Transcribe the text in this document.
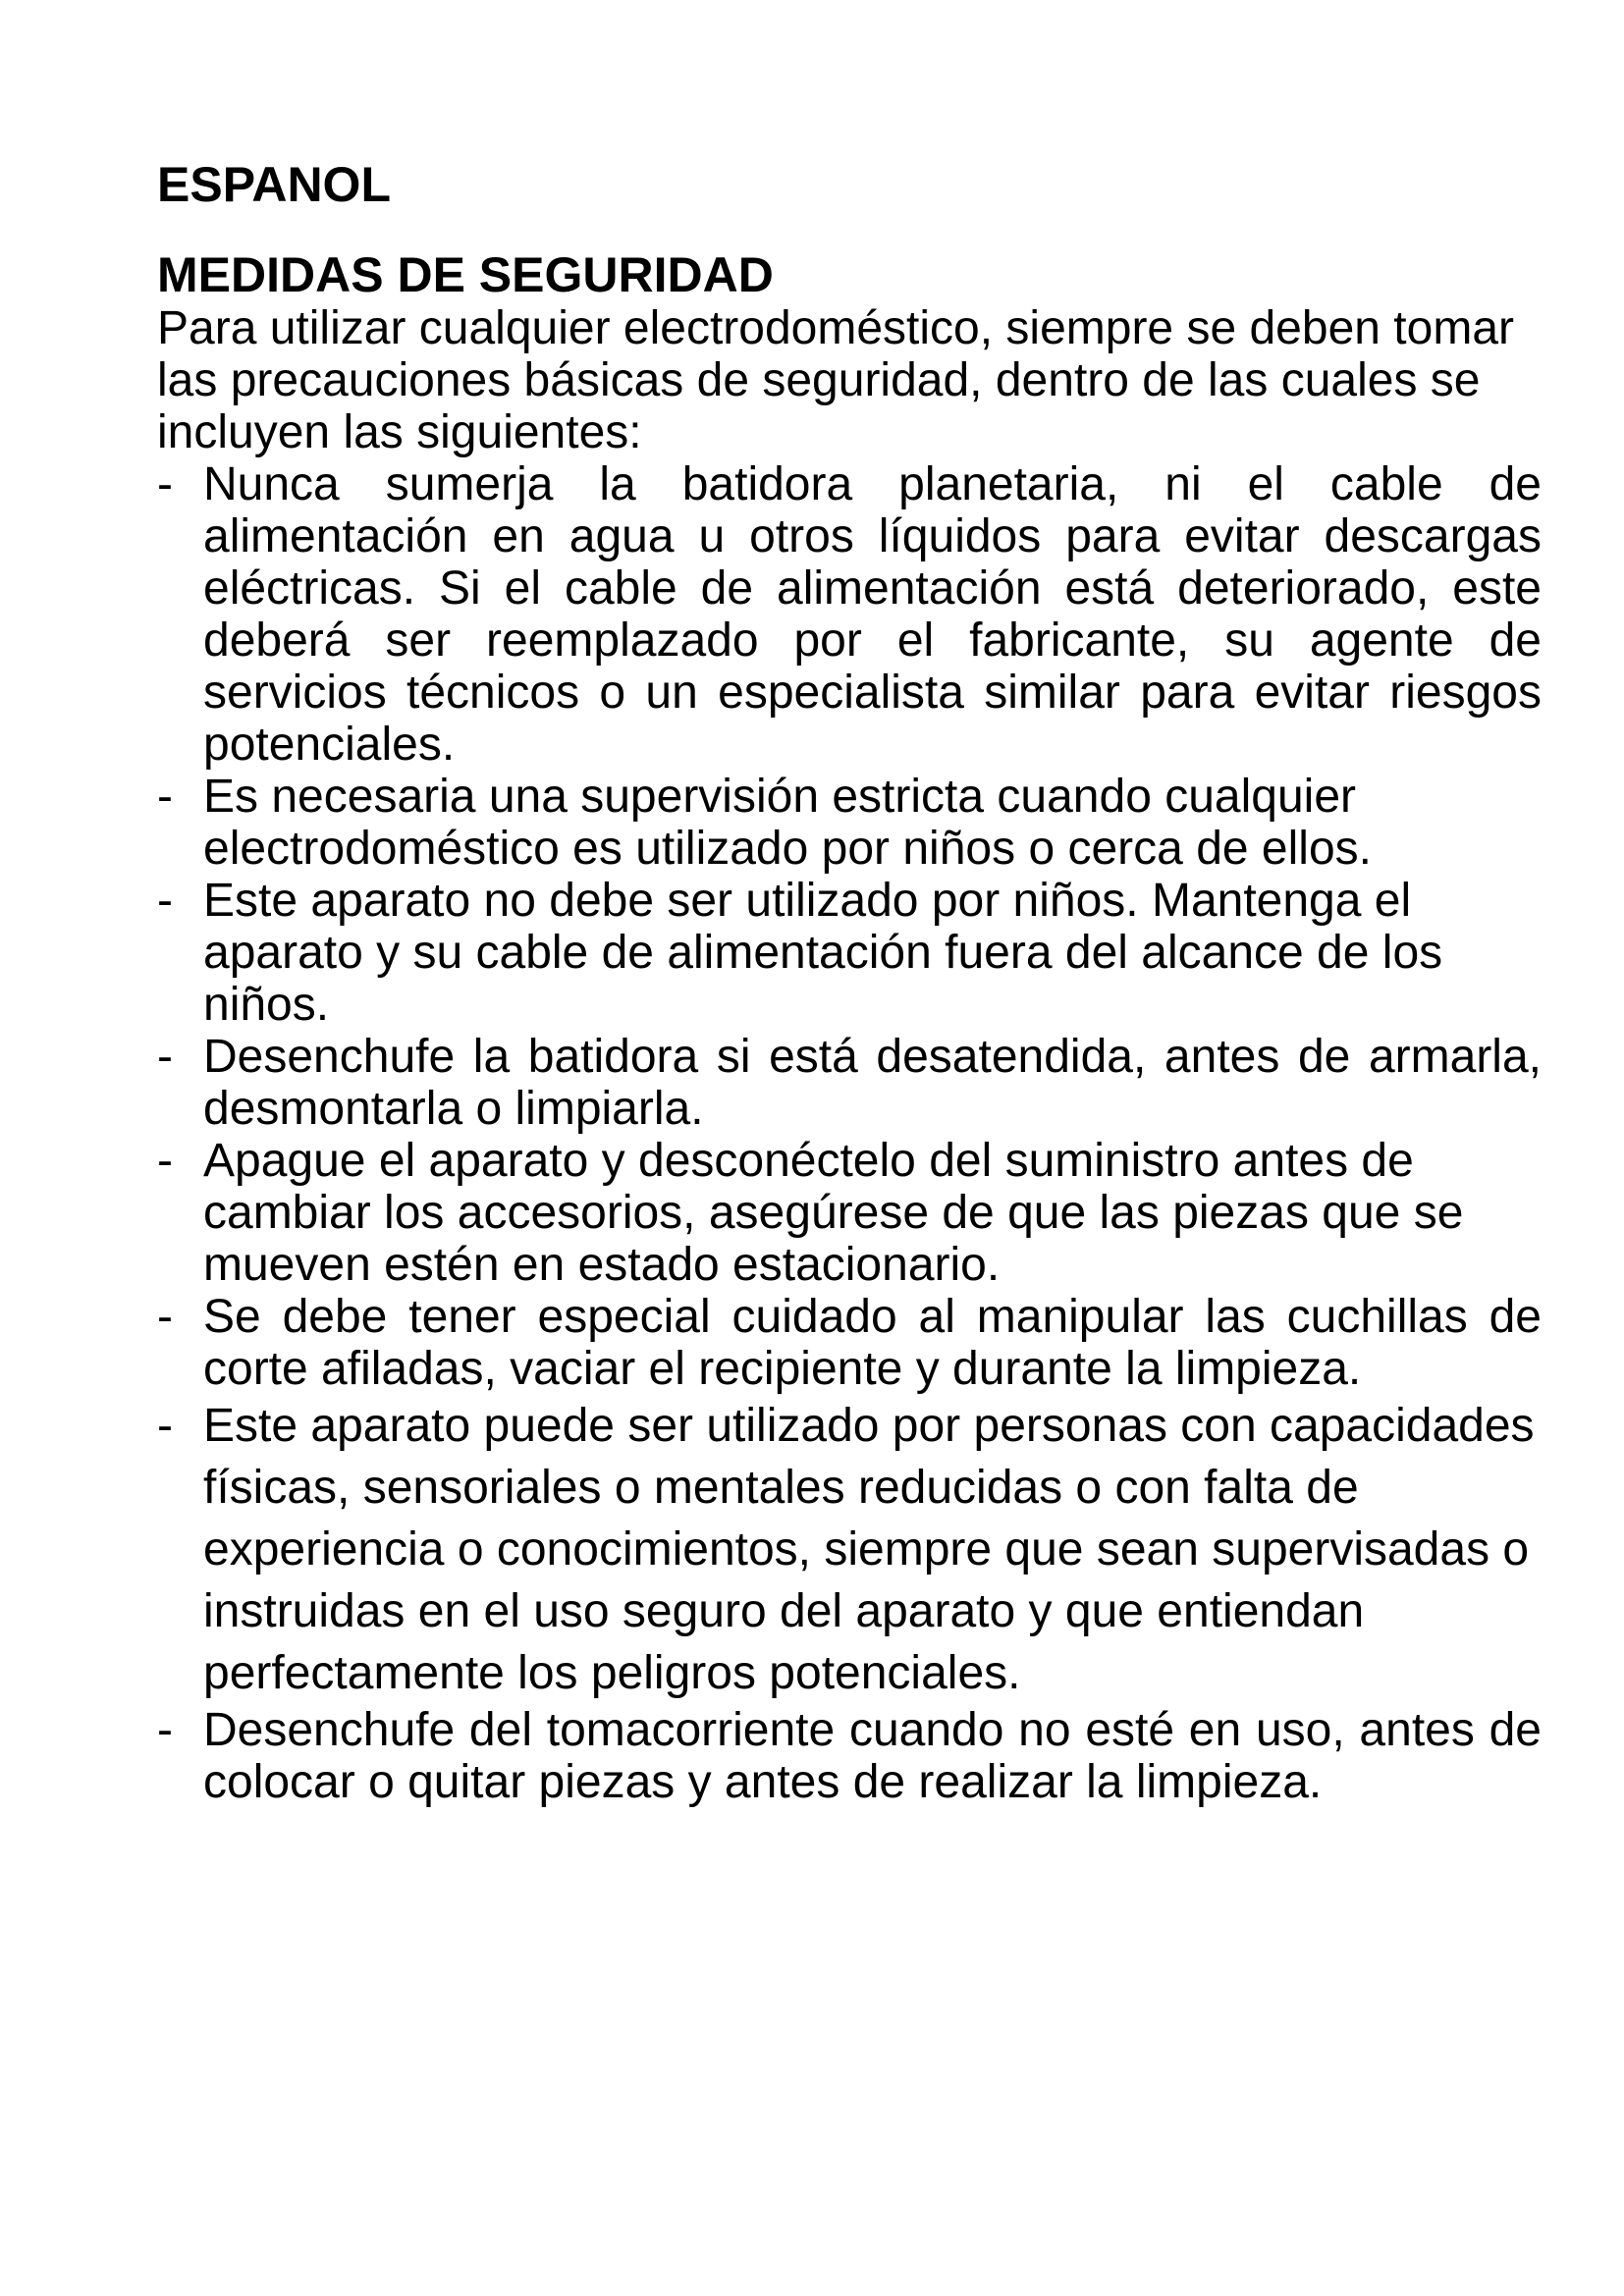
ESPANOL
MEDIDAS DE SEGURIDAD

Para utilizar cualquier electrodoméstico, siempre se deben tomar las precauciones básicas de seguridad, dentro de las cuales se incluyen las siguientes:

- Nunca sumerja la batidora planetaria, ni el cable de alimentación en agua u otros líquidos para evitar descargas eléctricas. Si el cable de alimentación está deteriorado, este deberá ser reemplazado por el fabricante, su agente de servicios técnicos o un especialista similar para evitar riesgos potenciales.
- Es necesaria una supervisión estricta cuando cualquier electrodoméstico es utilizado por niños o cerca de ellos.
- Este aparato no debe ser utilizado por niños. Mantenga el aparato y su cable de alimentación fuera del alcance de los niños.
- Desenchufe la batidora si está desatendida, antes de armarla, desmontarla o limpiarla.
- Apague el aparato y desconéctelo del suministro antes de cambiar los accesorios, asegúrese de que las piezas que se mueven estén en estado estacionario.
- Se debe tener especial cuidado al manipular las cuchillas de corte afiladas, vaciar el recipiente y durante la limpieza.
- Este aparato puede ser utilizado por personas con capacidades físicas, sensoriales o mentales reducidas o con falta de experiencia o conocimientos, siempre que sean supervisadas o instruidas en el uso seguro del aparato y que entiendan perfectamente los peligros potenciales.
- Desenchufe del tomacorriente cuando no esté en uso, antes de colocar o quitar piezas y antes de realizar la limpieza.
